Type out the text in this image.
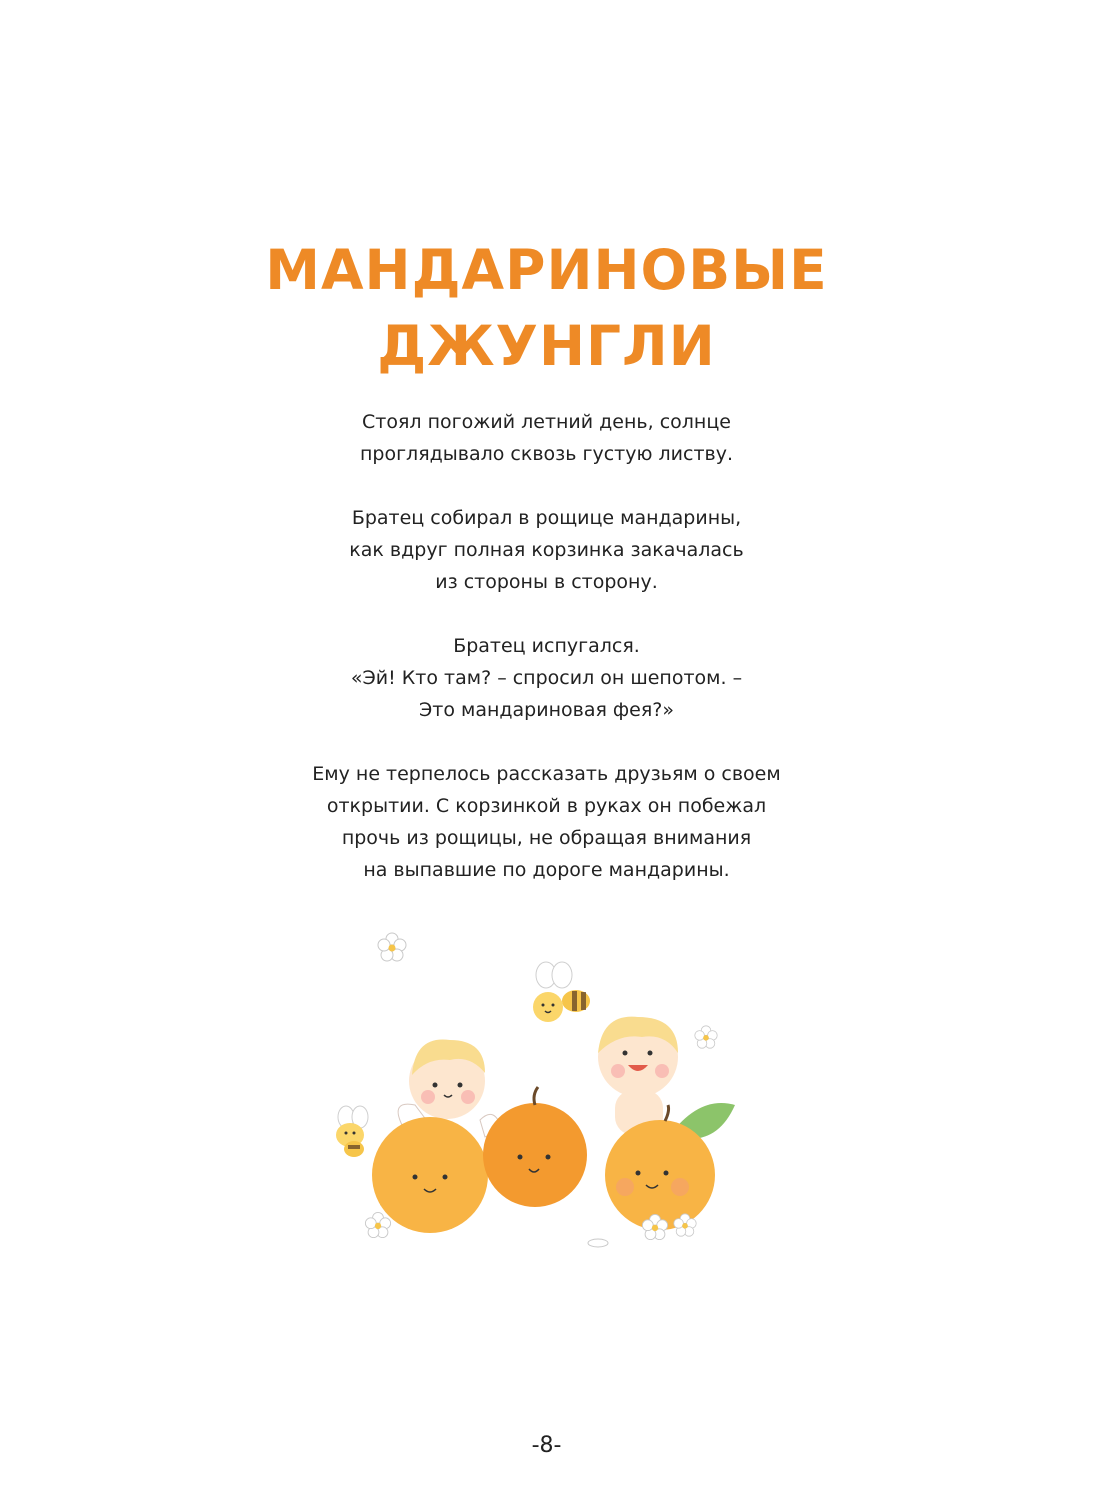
МАНДАРИНОВЫЕ
ДЖУНГЛИ

Стоял погожий летний день, солнце
проглядывало сквозь густую листву.

Братец собирал в рощице мандарины,
как вдруг полная корзинка закачалась
из стороны в сторону.

Братец испугался.
«Эй! Кто там? – спросил он шепотом. –
Это мандариновая фея?»

Ему не терпелось рассказать друзьям о своем
открытии. С корзинкой в руках он побежал
прочь из рощицы, не обращая внимания
на выпавшие по дороге мандарины.

-8-
